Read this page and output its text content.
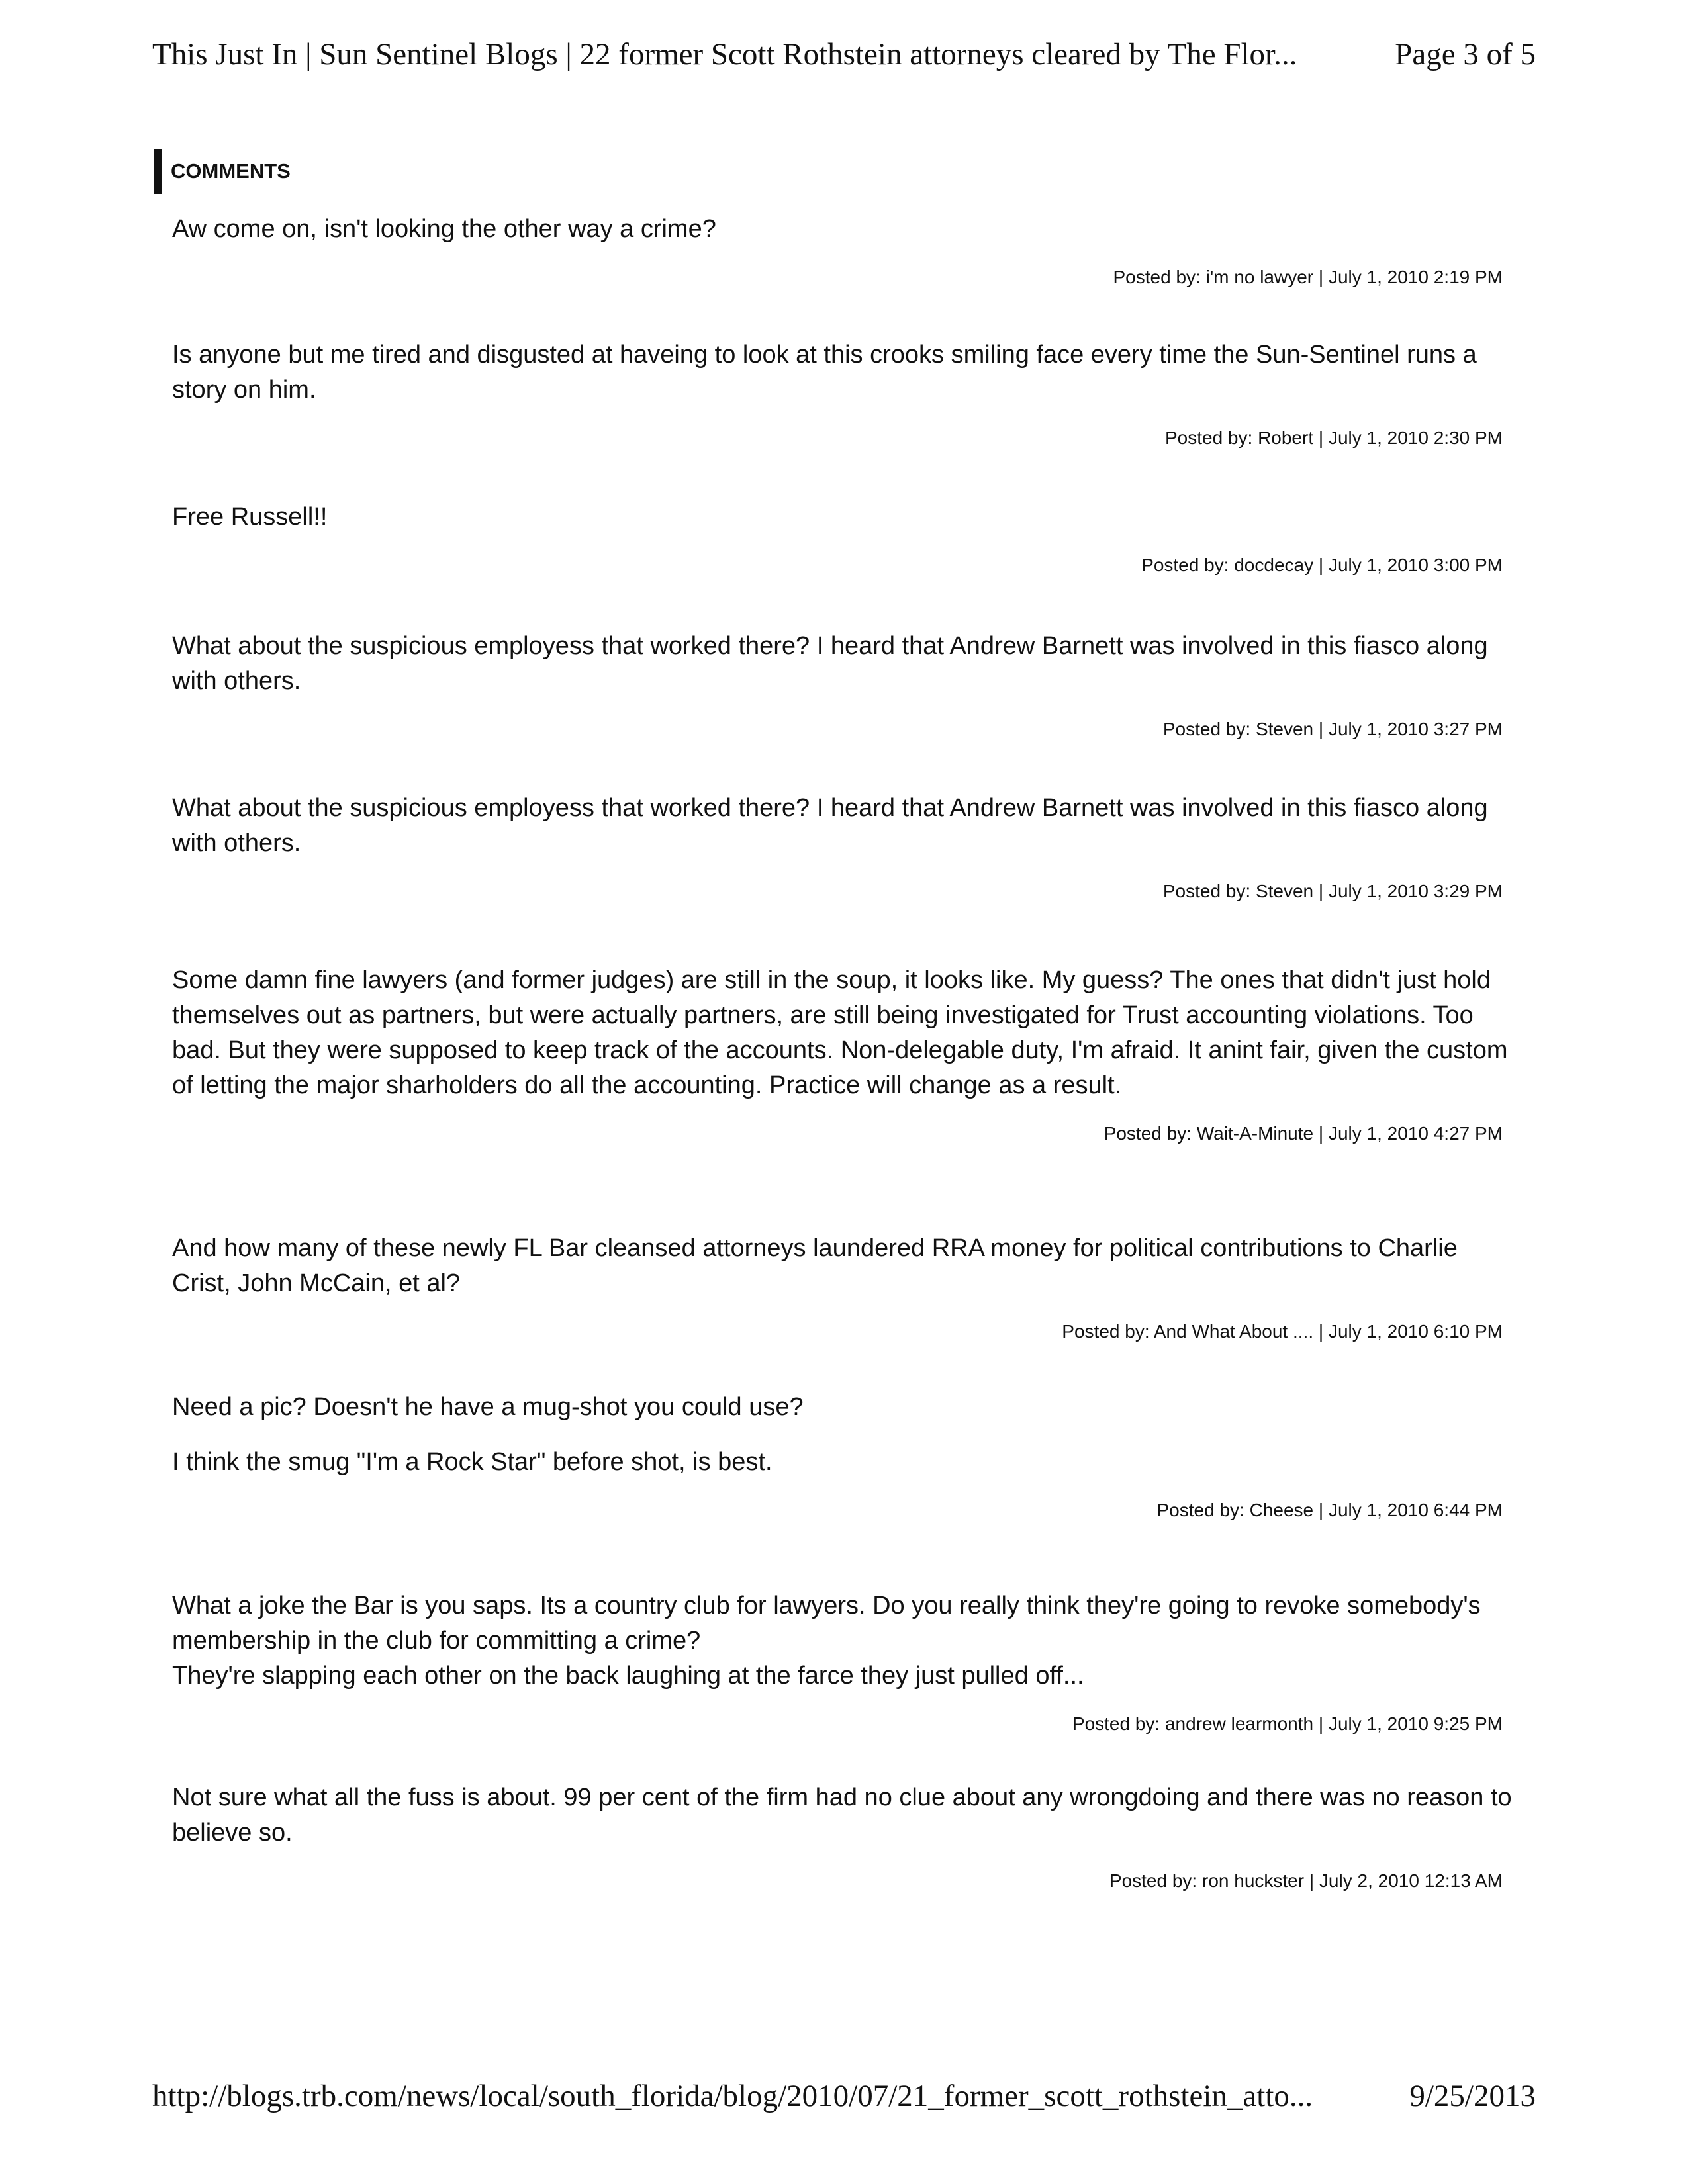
This Just In | Sun Sentinel Blogs | 22 former Scott Rothstein attorneys cleared by The Flor...	Page 3 of 5
COMMENTS

Aw come on, isn't looking the other way a crime?

Posted by: i'm no lawyer | July 1, 2010 2:19 PM

Is anyone but me tired and disgusted at haveing to look at this crooks smiling face every time the Sun-Sentinel runs a story on him.

Posted by: Robert | July 1, 2010 2:30 PM

Free Russell!!

Posted by: docdecay | July 1, 2010 3:00 PM

What about the suspicious employess that worked there? I heard that Andrew Barnett was involved in this fiasco along with others.

Posted by: Steven | July 1, 2010 3:27 PM

What about the suspicious employess that worked there? I heard that Andrew Barnett was involved in this fiasco along with others.

Posted by: Steven | July 1, 2010 3:29 PM

Some damn fine lawyers (and former judges) are still in the soup, it looks like. My guess? The ones that didn't just hold themselves out as partners, but were actually partners, are still being investigated for Trust accounting violations. Too bad. But they were supposed to keep track of the accounts. Non-delegable duty, I'm afraid. It anint fair, given the custom of letting the major sharholders do all the accounting. Practice will change as a result.

Posted by: Wait-A-Minute | July 1, 2010 4:27 PM

And how many of these newly FL Bar cleansed attorneys laundered RRA money for political contributions to Charlie Crist, John McCain, et al?

Posted by: And What About .... | July 1, 2010 6:10 PM

Need a pic? Doesn't he have a mug-shot you could use?

I think the smug "I'm a Rock Star" before shot, is best.

Posted by: Cheese | July 1, 2010 6:44 PM

What a joke the Bar is you saps. Its a country club for lawyers. Do you really think they're going to revoke somebody's membership in the club for committing a crime?
They're slapping each other on the back laughing at the farce they just pulled off...

Posted by: andrew learmonth | July 1, 2010 9:25 PM

Not sure what all the fuss is about. 99 per cent of the firm had no clue about any wrongdoing and there was no reason to believe so.

Posted by: ron huckster | July 2, 2010 12:13 AM
http://blogs.trb.com/news/local/south_florida/blog/2010/07/21_former_scott_rothstein_atto...	9/25/2013
